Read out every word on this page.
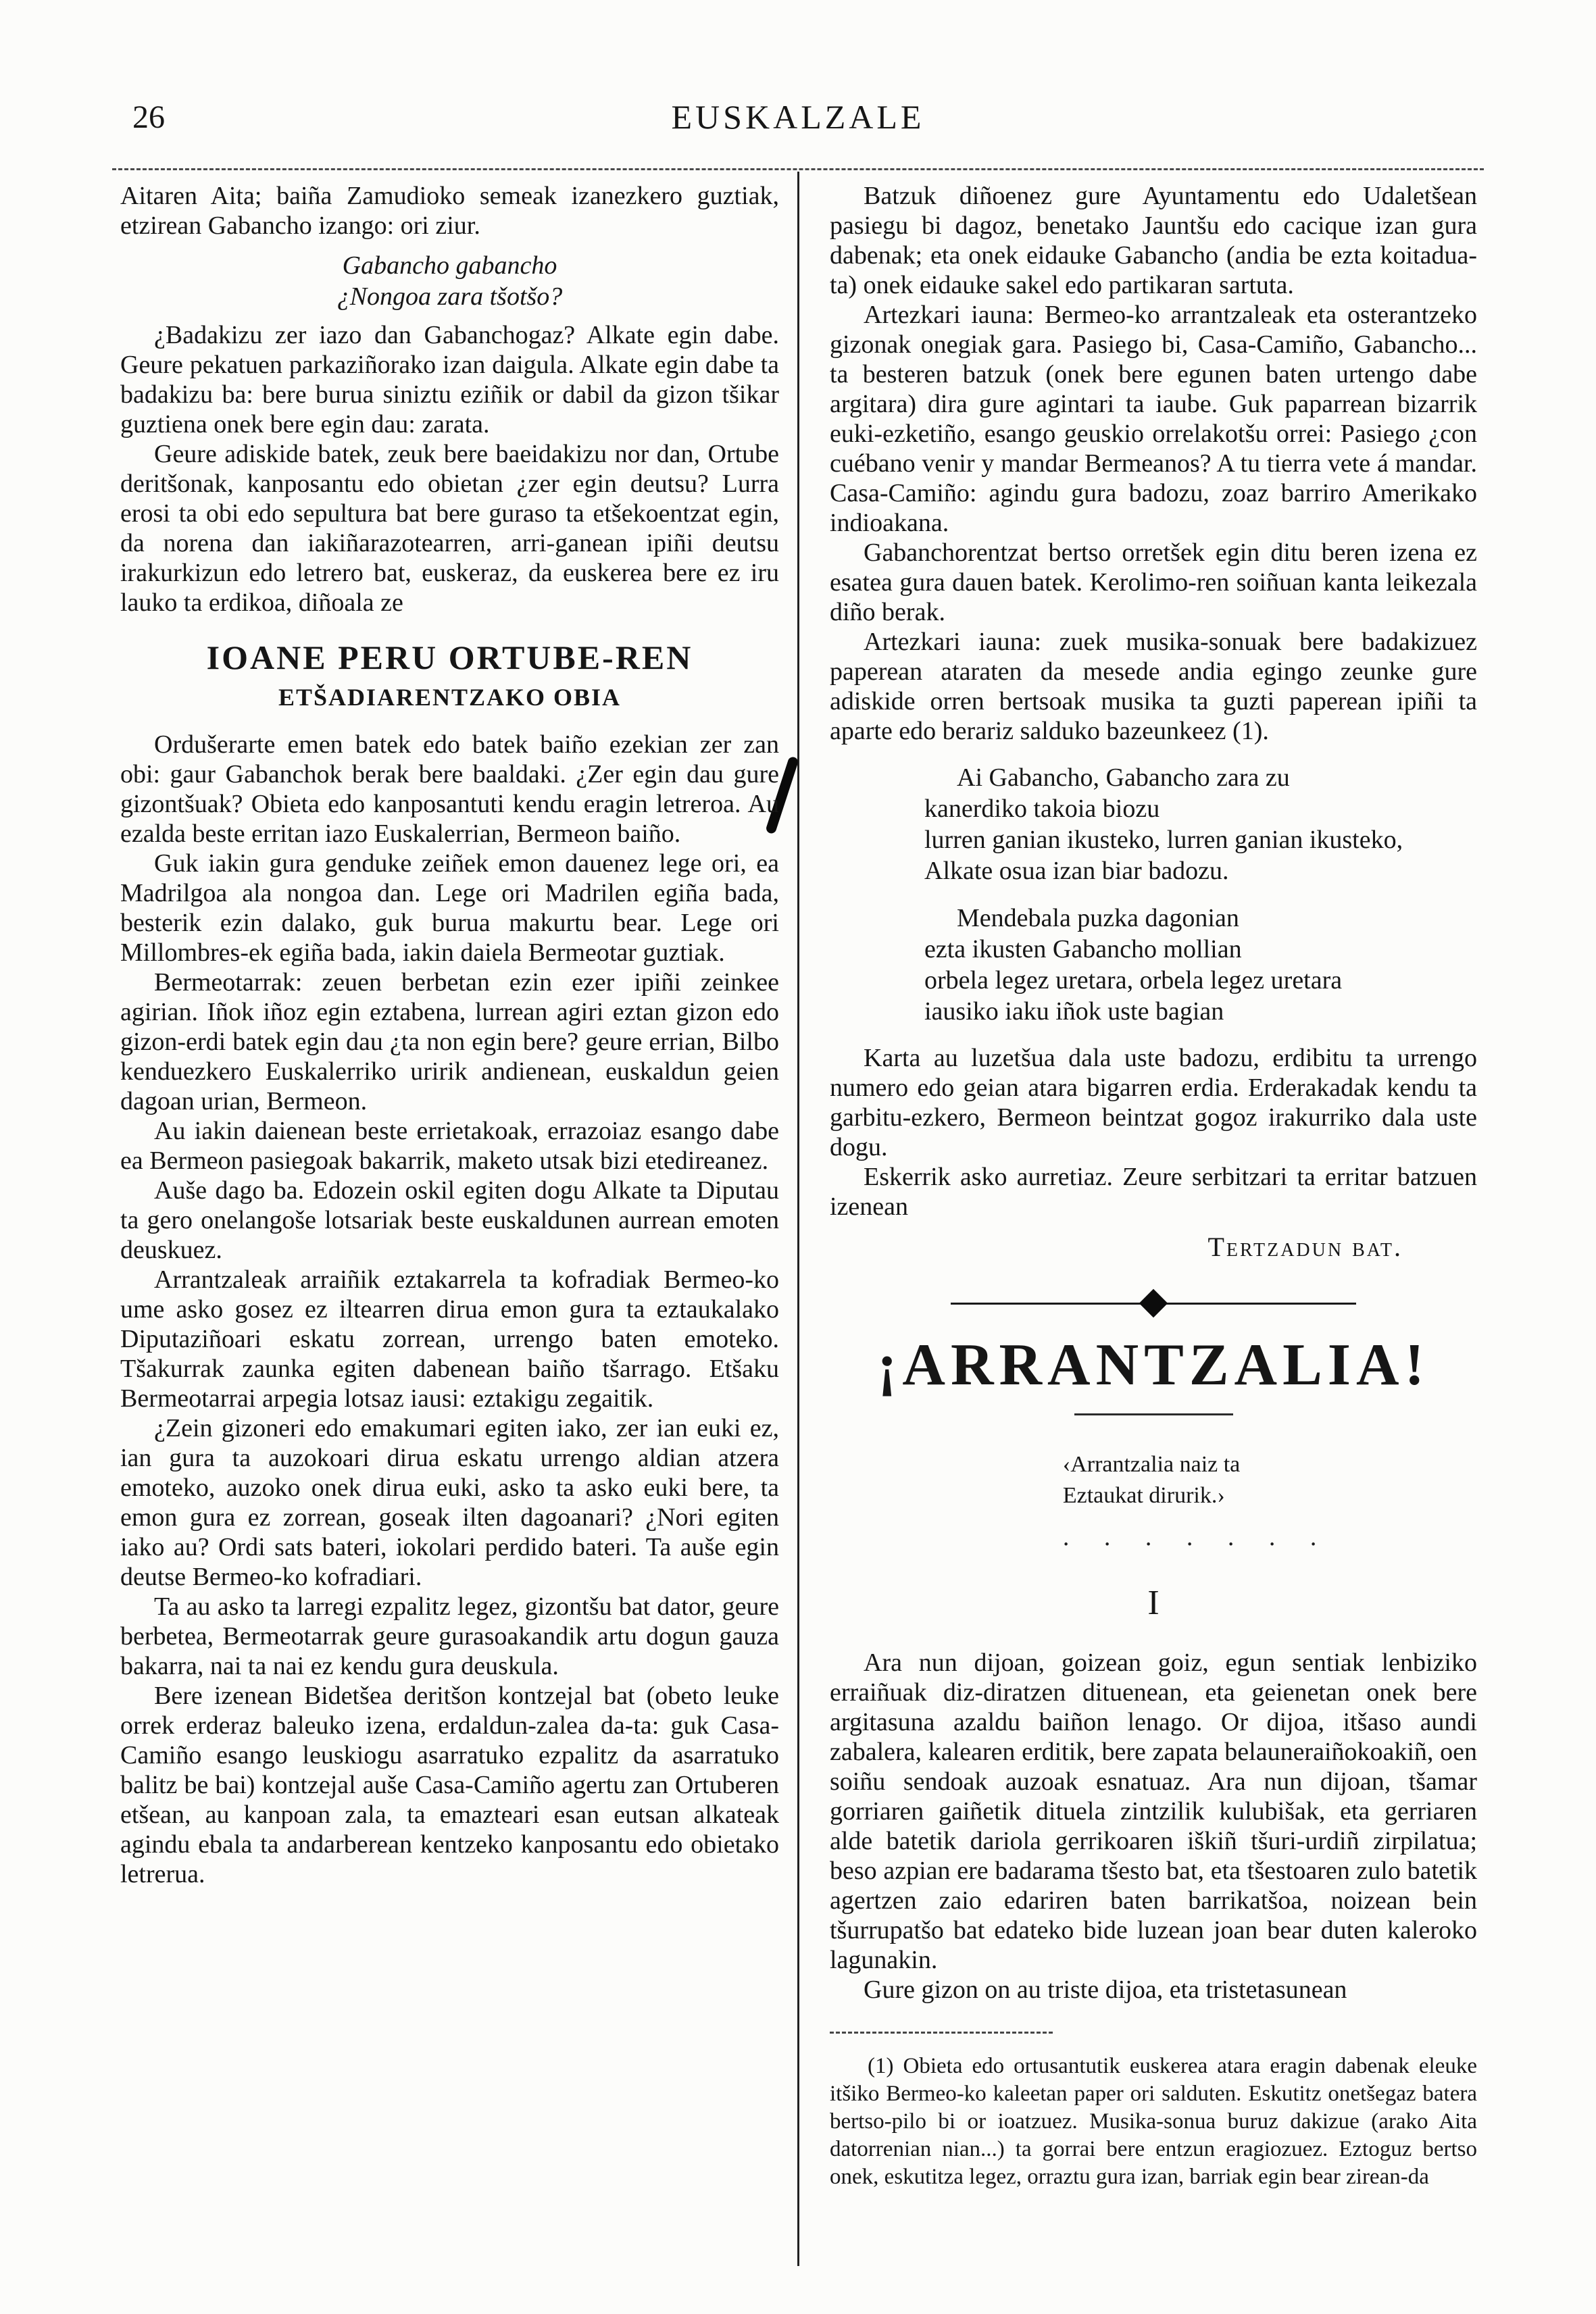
26	EUSKALZALE

Aitaren Aita; baiña Zamudioko semeak izanezkero guztiak, etzirean Gabancho izango: ori ziur.

Gabancho gabancho
¿Nongoa zara tšotšo?

¿Badakizu zer iazo dan Gabanchogaz? Alkate egin dabe. Geure pekatuen parkaziñorako izan daigula. Alkate egin dabe ta badakizu ba: bere burua siniztu eziñik or dabil da gizon tšikar guztiena onek bere egin dau: zarata.

Geure adiskide batek, zeuk bere baeidakizu nor dan, Ortube deritšonak, kanposantu edo obietan ¿zer egin deutsu? Lurra erosi ta obi edo sepultura bat bere guraso ta etšekoentzat egin, da norena dan iakiñarazotearren, arri-ganean ipiñi deutsu irakurkizun edo letrero bat, euskeraz, da euskerea bere ez iru lauko ta erdikoa, diñoala ze

IOANE PERU ORTUBE-REN
ETŠADIARENTZAKO OBIA

Ordušerarte emen batek edo batek baiño ezekian zer zan obi: gaur Gabanchok berak bere baaldaki. ¿Zer egin dau gure gizontšuak? Obieta edo kanposantuti kendu eragin letreroa. Au ezalda beste erritan iazo Euskalerrian, Bermeon baiño.

Guk iakin gura genduke zeiñek emon dauenez lege ori, ea Madrilgoa ala nongoa dan. Lege ori Madrilen egiña bada, besterik ezin dalako, guk burua makurtu bear. Lege ori Millombres-ek egiña bada, iakin daiela Bermeotar guztiak.

Bermeotarrak: zeuen berbetan ezin ezer ipiñi zeinkee agirian. Iñok iñoz egin eztabena, lurrean agiri eztan gizon edo gizon-erdi batek egin dau ¿ta non egin bere? geure errian, Bilbo kenduezkero Euskalerriko uririk andienean, euskaldun geien dagoan urian, Bermeon.

Au iakin daienean beste errietakoak, errazoiaz esango dabe ea Bermeon pasiegoak bakarrik, maketo utsak bizi etedireanez.

Auše dago ba. Edozein oskil egiten dogu Alkate ta Diputau ta gero onelangoše lotsariak beste euskaldunen aurrean emoten deuskuez.

Arrantzaleak arraiñik eztakarrela ta kofradiak Bermeo-ko ume asko gosez ez iltearren dirua emon gura ta eztaukalako Diputaziñoari eskatu zorrean, urrengo baten emoteko. Tšakurrak zaunka egiten dabenean baiño tšarrago. Etšaku Bermeotarrai arpegia lotsaz iausi: eztakigu zegaitik.

¿Zein gizoneri edo emakumari egiten iako, zer ian euki ez, ian gura ta auzokoari dirua eskatu urrengo aldian atzera emoteko, auzoko onek dirua euki, asko ta asko euki bere, ta emon gura ez zorrean, goseak ilten dagoanari? ¿Nori egiten iako au? Ordi sats bateri, iokolari perdido bateri. Ta auše egin deutse Bermeo-ko kofradiari.

Ta au asko ta larregi ezpalitz legez, gizontšu bat dator, geure berbetea, Bermeotarrak geure gurasoakandik artu dogun gauza bakarra, nai ta nai ez kendu gura deuskula.

Bere izenean Bidetšea deritšon kontzejal bat (obeto leuke orrek erderaz baleuko izena, erdaldun-zalea da-ta: guk Casa-Camiño esango leuskiogu asarratuko ezpalitz da asarratuko balitz be bai) kontzejal auše Casa-Camiño agertu zan Ortuberen etšean, au kanpoan zala, ta emazteari esan eutsan alkateak agindu ebala ta andarberean kentzeko kanposantu edo obietako letrerua.

Batzuk diñoenez gure Ayuntamentu edo Udaletšean pasiegu bi dagoz, benetako Jauntšu edo cacique izan gura dabenak; eta onek eidauke Gabancho (andia be ezta koitadua-ta) onek eidauke sakel edo partikaran sartuta.

Artezkari iauna: Bermeo-ko arrantzaleak eta osterantzeko gizonak onegiak gara. Pasiego bi, Casa-Camiño, Gabancho... ta besteren batzuk (onek bere egunen baten urtengo dabe argitara) dira gure agintari ta iaube. Guk paparrean bizarrik euki-ezketiño, esango geuskio orrelakotšu orrei: Pasiego ¿con cuébano venir y mandar Bermeanos? A tu tierra vete á mandar. Casa-Camiño: agindu gura badozu, zoaz barriro Amerikako indioakana.

Gabanchorentzat bertso orretšek egin ditu beren izena ez esatea gura dauen batek. Kerolimo-ren soiñuan kanta leikezala diño berak.

Artezkari iauna: zuek musika-sonuak bere badakizuez paperean ataraten da mesede andia egingo zeunke gure adiskide orren bertsoak musika ta guzti paperean ipiñi ta aparte edo berariz salduko bazeunkeez (1).

Ai Gabancho, Gabancho zara zu
kanerdiko takoia biozu
lurren ganian ikusteko, lurren ganian ikusteko,
Alkate osua izan biar badozu.
Mendebala puzka dagonian
ezta ikusten Gabancho mollian
orbela legez uretara, orbela legez uretara
iausiko iaku iñok uste bagian

Karta au luzetšua dala uste badozu, erdibitu ta urrengo numero edo geian atara bigarren erdia. Erderakadak kendu ta garbitu-ezkero, Bermeon beintzat gogoz irakurriko dala uste dogu.

Eskerrik asko aurretiaz. Zeure serbitzari ta erritar batzuen izenean

Tertzadun bat.
¡ARRANTZALIA!
‹Arrantzalia naiz ta
Eztaukat dirurik.›
. . . . . . .
I

Ara nun dijoan, goizean goiz, egun sentiak lenbiziko erraiñuak diz-diratzen dituenean, eta geienetan onek bere argitasuna azaldu baiñon lenago. Or dijoa, itšaso aundi zabalera, kalearen erditik, bere zapata belauneraiñokoakiñ, oen soiñu sendoak auzoak esnatuaz. Ara nun dijoan, tšamar gorriaren gaiñetik dituela zintzilik kulubišak, eta gerriaren alde batetik dariola gerrikoaren iškiñ tšuri-urdiñ zirpilatua; beso azpian ere badarama tšesto bat, eta tšestoaren zulo batetik agertzen zaio edariren baten barrikatšoa, noizean bein tšurrupatšo bat edateko bide luzean joan bear duten kaleroko lagunakin.

Gure gizon on au triste dijoa, eta tristetasunean

(1) Obieta edo ortusantutik euskerea atara eragin dabenak eleuke itšiko Bermeo-ko kaleetan paper ori salduten. Eskutitz onetšegaz batera bertso-pilo bi or ioatzuez. Musika-sonua buruz dakizue (arako Aita datorrenian nian...) ta gorrai bere entzun eragiozuez. Eztoguz bertso onek, eskutitza legez, orraztu gura izan, barriak egin bear zirean-da
